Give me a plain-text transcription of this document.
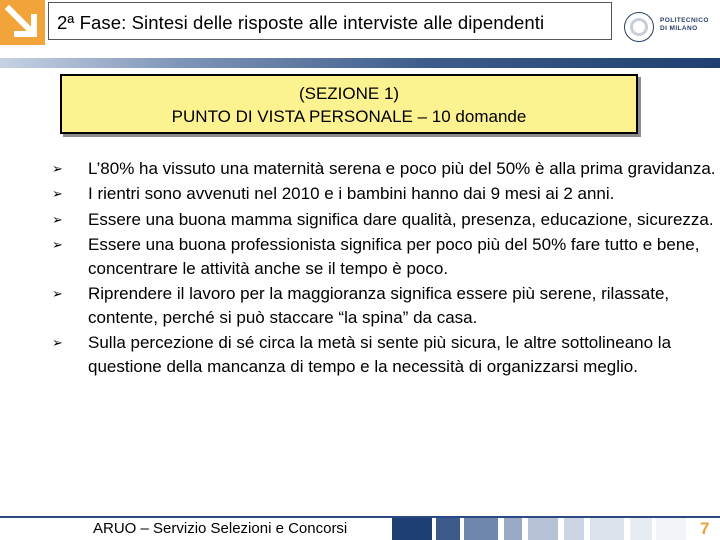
2ª Fase: Sintesi delle risposte alle interviste alle dipendenti	POLITECNICO
DI MILANO
(SEZIONE 1)
PUNTO DI VISTA PERSONALE – 10 domande
➢ L’80% ha vissuto una maternità serena e poco più del 50% è alla prima gravidanza.
➢ I rientri sono avvenuti nel 2010 e i bambini hanno dai 9 mesi ai 2 anni.
➢ Essere una buona mamma significa dare qualità, presenza, educazione, sicurezza.
➢ Essere una buona professionista significa per poco più del 50% fare tutto e bene, concentrare le attività anche se il tempo è poco.
➢ Riprendere il lavoro per la maggioranza significa essere più serene, rilassate, contente, perché si può staccare “la spina” da casa.
➢ Sulla percezione di sé circa la metà si sente più sicura, le altre sottolineano la questione della mancanza di tempo e la necessità di organizzarsi meglio.
ARUO – Servizio Selezioni e Concorsi	7
